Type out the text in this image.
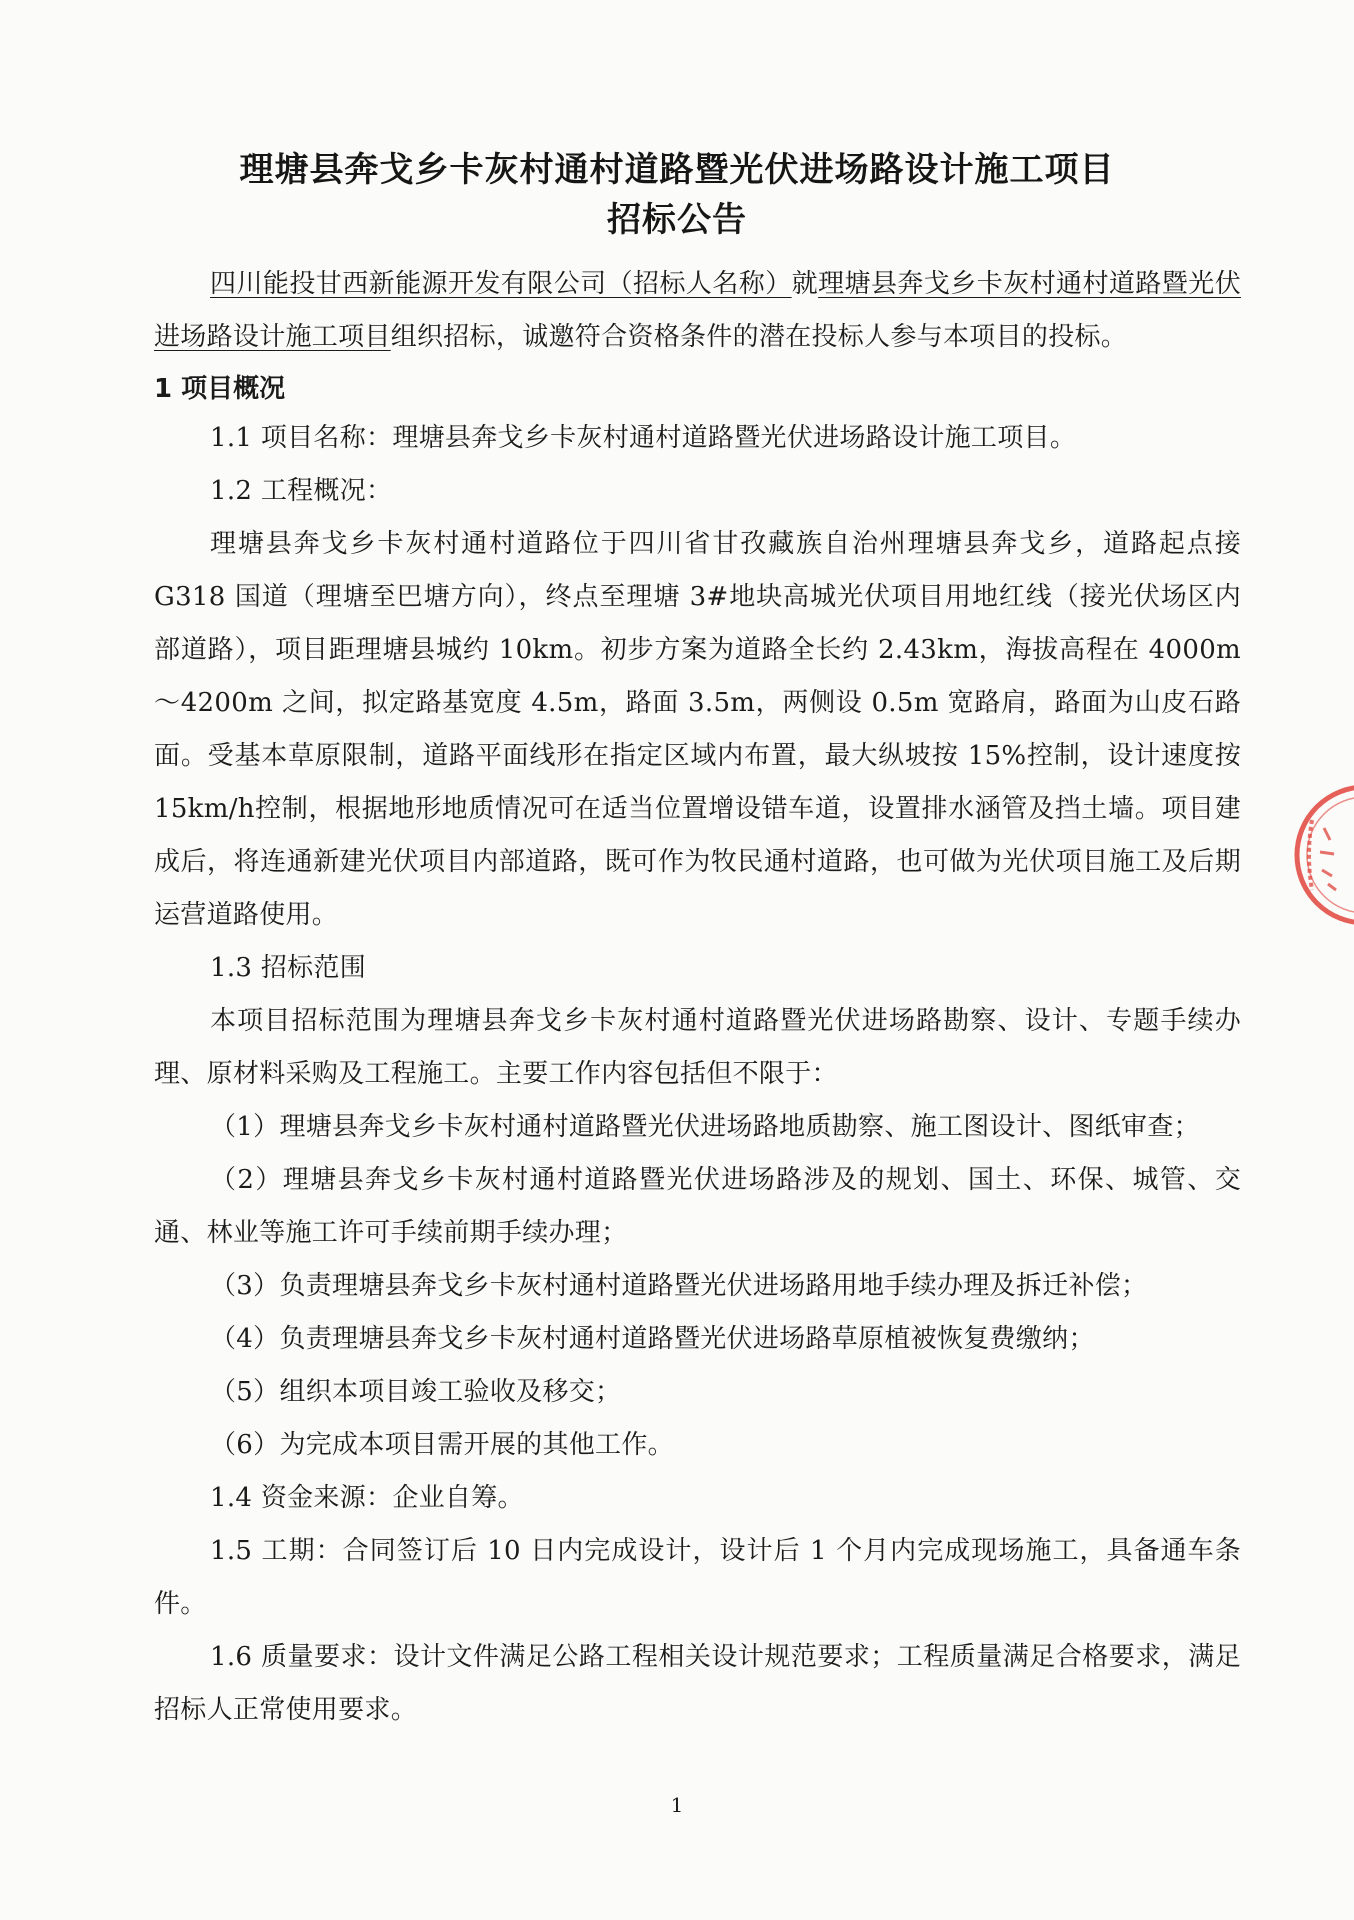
理塘县奔戈乡卡灰村通村道路暨光伏进场路设计施工项目
招标公告
四川能投甘西新能源开发有限公司（招标人名称）就理塘县奔戈乡卡灰村通村道路暨光伏进场路设计施工项目组织招标，诚邀符合资格条件的潜在投标人参与本项目的投标。
1 项目概况
1.1 项目名称：理塘县奔戈乡卡灰村通村道路暨光伏进场路设计施工项目。
1.2 工程概况：
理塘县奔戈乡卡灰村通村道路位于四川省甘孜藏族自治州理塘县奔戈乡，道路起点接G318 国道（理塘至巴塘方向），终点至理塘 3#地块高城光伏项目用地红线（接光伏场区内部道路），项目距理塘县城约 10km。初步方案为道路全长约 2.43km，海拔高程在 4000m～4200m 之间，拟定路基宽度 4.5m，路面 3.5m，两侧设 0.5m 宽路肩，路面为山皮石路面。受基本草原限制，道路平面线形在指定区域内布置，最大纵坡按 15%控制，设计速度按 15km/h控制，根据地形地质情况可在适当位置增设错车道，设置排水涵管及挡土墙。项目建成后，将连通新建光伏项目内部道路，既可作为牧民通村道路，也可做为光伏项目施工及后期运营道路使用。
1.3 招标范围
本项目招标范围为理塘县奔戈乡卡灰村通村道路暨光伏进场路勘察、设计、专题手续办理、原材料采购及工程施工。主要工作内容包括但不限于：
（1）理塘县奔戈乡卡灰村通村道路暨光伏进场路地质勘察、施工图设计、图纸审查；
（2）理塘县奔戈乡卡灰村通村道路暨光伏进场路涉及的规划、国土、环保、城管、交通、林业等施工许可手续前期手续办理；
（3）负责理塘县奔戈乡卡灰村通村道路暨光伏进场路用地手续办理及拆迁补偿；
（4）负责理塘县奔戈乡卡灰村通村道路暨光伏进场路草原植被恢复费缴纳；
（5）组织本项目竣工验收及移交；
（6）为完成本项目需开展的其他工作。
1.4 资金来源：企业自筹。
1.5 工期：合同签订后 10 日内完成设计，设计后 1 个月内完成现场施工，具备通车条件。
1.6 质量要求：设计文件满足公路工程相关设计规范要求；工程质量满足合格要求，满足招标人正常使用要求。
1
